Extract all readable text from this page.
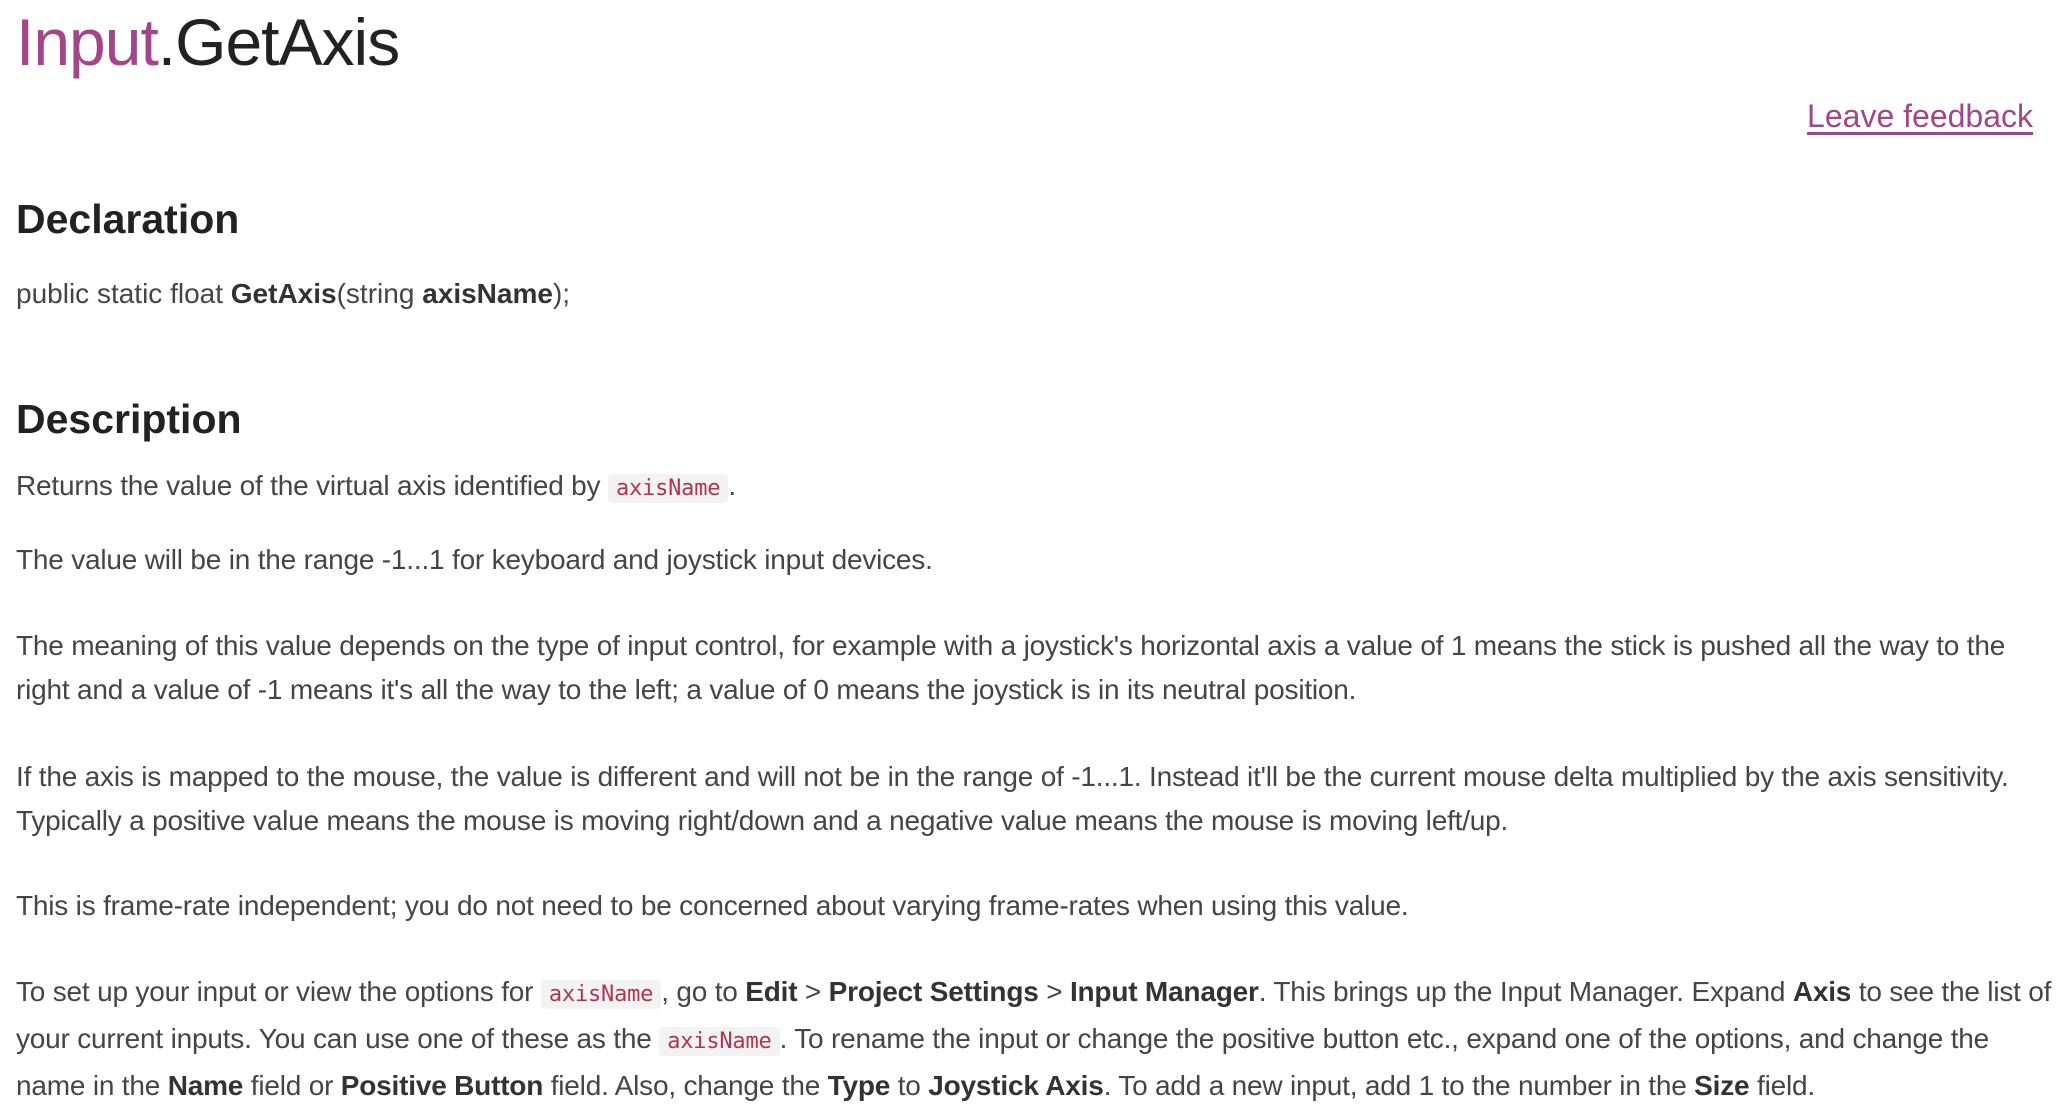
Input.GetAxis
Leave feedback
Declaration
public static float GetAxis(string axisName);
Description

Returns the value of the virtual axis identified by axisName .

The value will be in the range -1...1 for keyboard and joystick input devices.

The meaning of this value depends on the type of input control, for example with a joystick's horizontal axis a value of 1 means the stick is pushed all the way to the right and a value of -1 means it's all the way to the left; a value of 0 means the joystick is in its neutral position.

If the axis is mapped to the mouse, the value is different and will not be in the range of -1...1. Instead it'll be the current mouse delta multiplied by the axis sensitivity. Typically a positive value means the mouse is moving right/down and a negative value means the mouse is moving left/up.

This is frame-rate independent; you do not need to be concerned about varying frame-rates when using this value.

To set up your input or view the options for axisName , go to Edit > Project Settings > Input Manager. This brings up the Input Manager. Expand Axis to see the list of your current inputs. You can use one of these as the axisName . To rename the input or change the positive button etc., expand one of the options, and change the name in the Name field or Positive Button field. Also, change the Type to Joystick Axis. To add a new input, add 1 to the number in the Size field.
